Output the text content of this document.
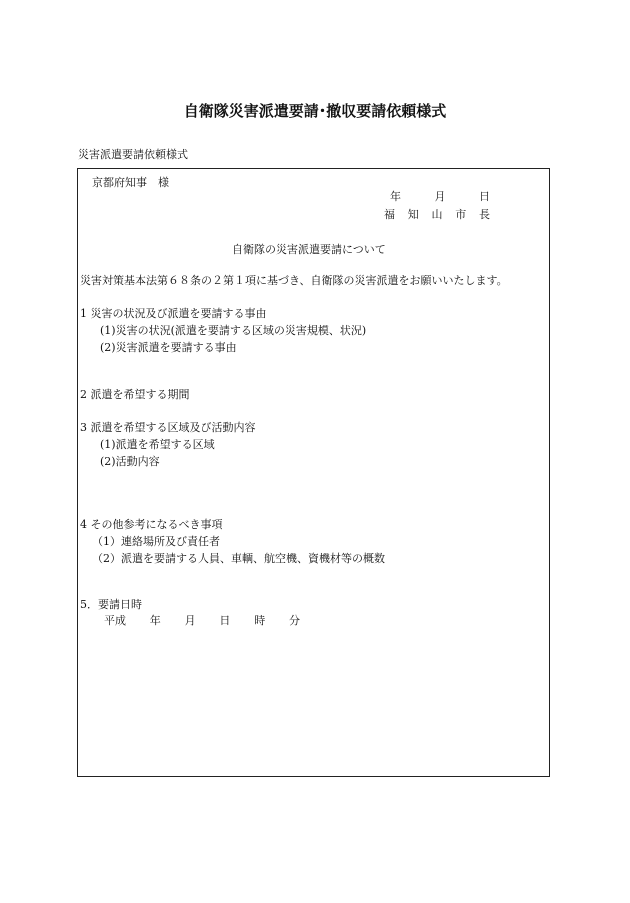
自衛隊災害派遣要請･撤収要請依頼様式
災害派遣要請依頼様式
京都府知事　様
年	月	日
福 知 山 市 長
自衛隊の災害派遣要請について
災害対策基本法第６８条の２第１項に基づき、自衛隊の災害派遣をお願いいたします。
1 災害の状況及び派遣を要請する事由
(1)災害の状況(派遣を要請する区域の災害規模、状況)
(2)災害派遣を要請する事由
2 派遣を希望する期間
3 派遣を希望する区域及び活動内容
(1)派遣を希望する区域
(2)活動内容
4 その他参考になるべき事項
（1）連絡場所及び責任者
（2）派遣を要請する人員、車輌、航空機、資機材等の概数
5．要請日時
平成 年 月 日 時 分
